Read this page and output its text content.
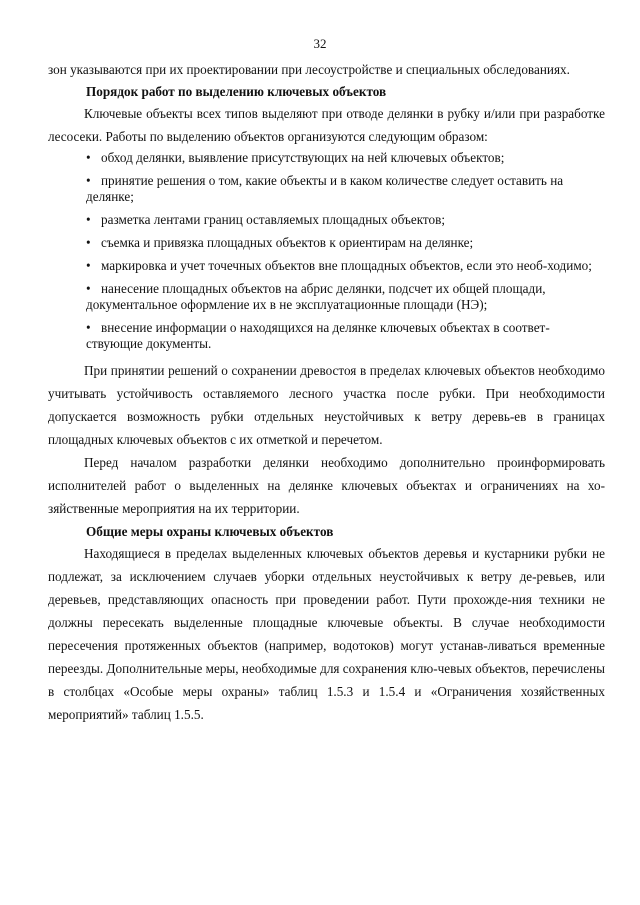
32

зон указываются при их проектировании при лесоустройстве и специальных обследованиях.

Порядок работ по выделению ключевых объектов

Ключевые объекты всех типов выделяют при отводе делянки в рубку и/или при разработке лесосеки. Работы по выделению объектов организуются следующим образом:

• обход делянки, выявление присутствующих на ней ключевых объектов;
• принятие решения о том, какие объекты и в каком количестве следует оставить на делянке;
• разметка лентами границ оставляемых площадных объектов;
• съемка и привязка площадных объектов к ориентирам на делянке;
• маркировка и учет точечных объектов вне площадных объектов, если это необ-ходимо;
• нанесение площадных объектов на абрис делянки, подсчет их общей площади, документальное оформление их в не эксплуатационные площади (НЭ);
• внесение информации о находящихся на делянке ключевых объектах в соответ-ствующие документы.

При принятии решений о сохранении древостоя в пределах ключевых объектов необходимо учитывать устойчивость оставляемого лесного участка после рубки. При необходимости допускается возможность рубки отдельных неустойчивых к ветру деревь-ев в границах площадных ключевых объектов с их отметкой и перечетом.

Перед началом разработки делянки необходимо дополнительно проинформировать исполнителей работ о выделенных на делянке ключевых объектах и ограничениях на хо-зяйственные мероприятия на их территории.

Общие меры охраны ключевых объектов

Находящиеся в пределах выделенных ключевых объектов деревья и кустарники рубки не подлежат, за исключением случаев уборки отдельных неустойчивых к ветру де-ревьев, или деревьев, представляющих опасность при проведении работ. Пути прохожде-ния техники не должны пересекать выделенные площадные ключевые объекты. В случае необходимости пересечения протяженных объектов (например, водотоков) могут устанав-ливаться временные переезды. Дополнительные меры, необходимые для сохранения клю-чевых объектов, перечислены в столбцах «Особые меры охраны» таблиц 1.5.3 и 1.5.4 и «Ограничения хозяйственных мероприятий» таблиц 1.5.5.
